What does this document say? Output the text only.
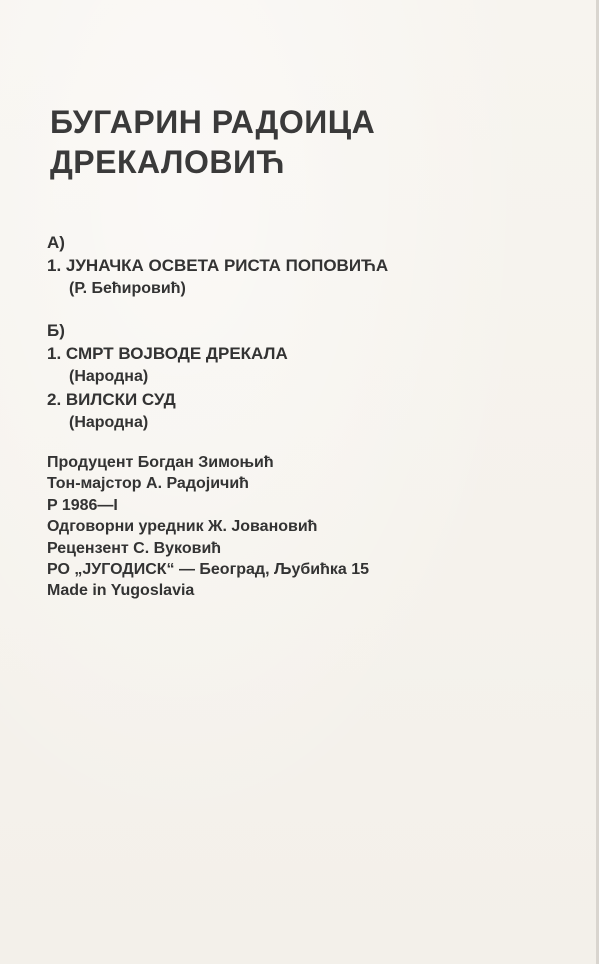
БУГАРИН РАДОИЦА
ДРЕКАЛОВИЋ
А)
1. ЈУНАЧКА ОСВЕТА РИСТА ПОПОВИЋА
(Р. Бећировић)
Б)
1. СМРТ ВОЈВОДЕ ДРЕКАЛА
(Народна)
2. ВИЛСКИ СУД
(Народна)
Продуцент Богдан Зимоњић
Тон-мајстор А. Радојичић
P 1986—I
Одговорни уредник Ж. Јовановић
Рецензент С. Вуковић
РО „ЈУГОДИСК“ — Београд, Љубићка 15
Made in Yugoslavia
